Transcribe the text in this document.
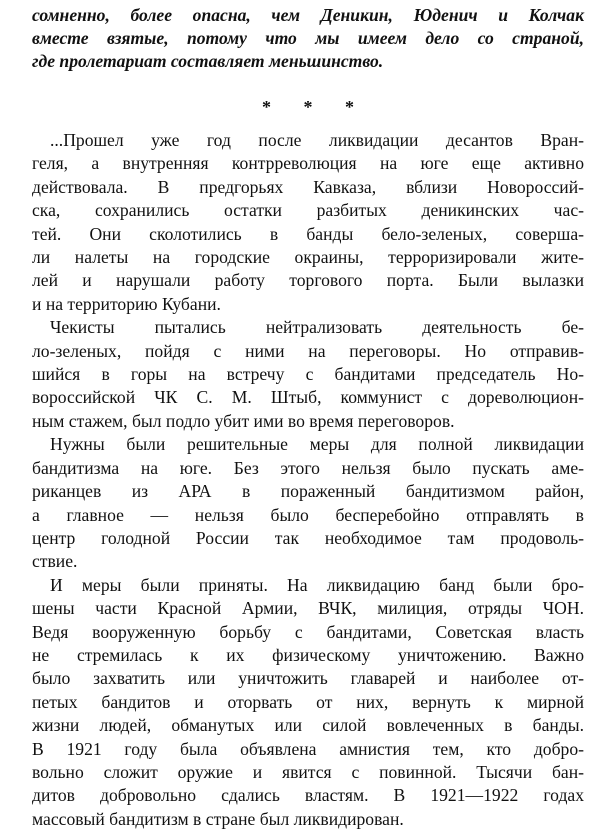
сомненно, более опасна, чем Деникин, Юденич и Колчак
вместе взятые, потому что мы имеем дело со страной,
где пролетариат составляет меньшинство.
* * *
...Прошел уже год после ликвидации десантов Вран-
геля, а внутренняя контрреволюция на юге еще активно
действовала. В предгорьях Кавказа, вблизи Новороссий-
ска, сохранились остатки разбитых деникинских час-
тей. Они сколотились в банды бело-зеленых, совершa-
ли налеты на городские окраины, терроризировали жите-
лей и нарушали работу торгового порта. Были вылазки
и на территорию Кубани.
Чекисты пытались нейтрализовать деятельность бе-
ло-зеленых, пойдя с ними на переговоры. Но отправив-
шийся в горы на встречу с бандитами председатель Но-
вороссийской ЧК С. М. Штыб, коммунист с дореволюцион-
ным стажем, был подло убит ими во время переговоров.
Нужны были решительные меры для полной ликвидации
бандитизма на юге. Без этого нельзя было пускать аме-
риканцев из АРА в пораженный бандитизмом район,
а главное — нельзя было бесперебойно отправлять в
центр голодной России так необходимое там продоволь-
ствие.
И меры были приняты. На ликвидацию банд были бро-
шены части Красной Армии, ВЧК, милиция, отряды ЧОН.
Ведя вооруженную борьбу с бандитами, Советская власть
не стремилась к их физическому уничтожению. Важно
было захватить или уничтожить главарей и наиболее от-
петых бандитов и оторвать от них, вернуть к мирной
жизни людей, обманутых или силой вовлеченных в банды.
В 1921 году была объявлена амнистия тем, кто добро-
вольно сложит оружие и явится с повинной. Тысячи бан-
дитов добровольно сдались властям. В 1921—1922 годах
массовый бандитизм в стране был ликвидирован.
